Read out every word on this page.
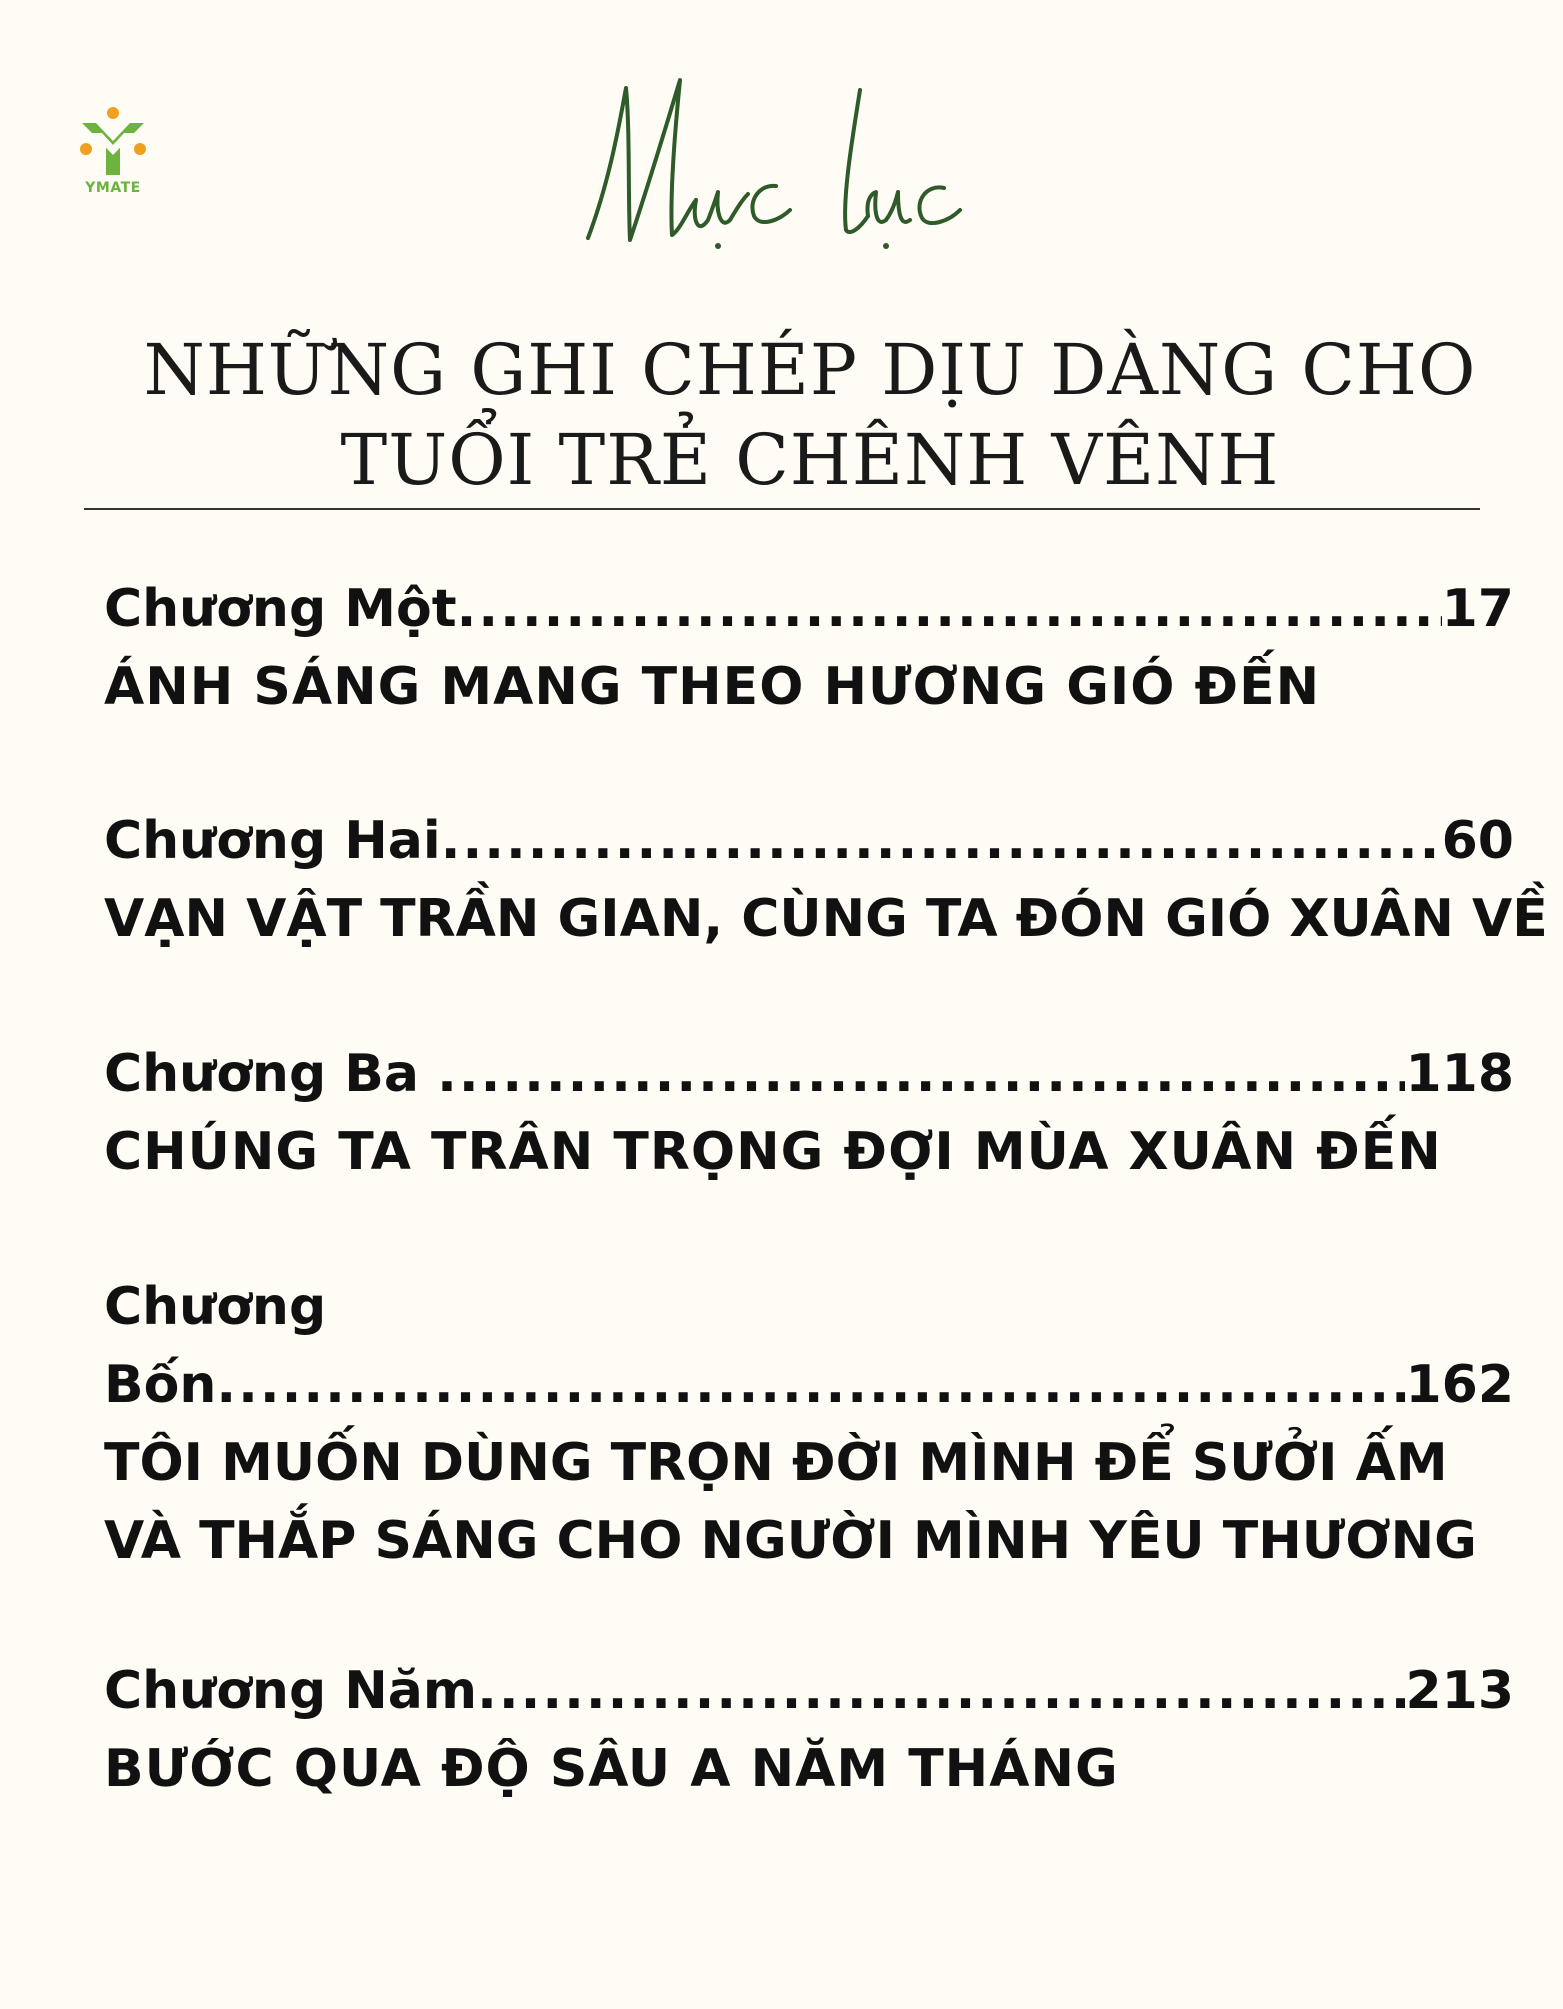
YMATE
NHỮNG GHI CHÉP DỊU DÀNG CHO
TUỔI TRẺ CHÊNH VÊNH
Chương Một .....	17
ÁNH SÁNG MANG THEO HƯƠNG GIÓ ĐẾN
Chương Hai .....	60
VẠN VẬT TRẦN GIAN, CÙNG TA ĐÓN GIÓ XUÂN VỀ
Chương Ba .....	118
CHÚNG TA TRÂN TRỌNG ĐỢI MÙA XUÂN ĐẾN
Chương
Bốn .....	162
TÔI MUỐN DÙNG TRỌN ĐỜI MÌNH ĐỂ SƯỞI ẤM VÀ THẮP SÁNG CHO NGƯỜI MÌNH YÊU THƯƠNG
Chương Năm .....	213
BƯỚC QUA ĐỘ SÂU A NĂM THÁNG
